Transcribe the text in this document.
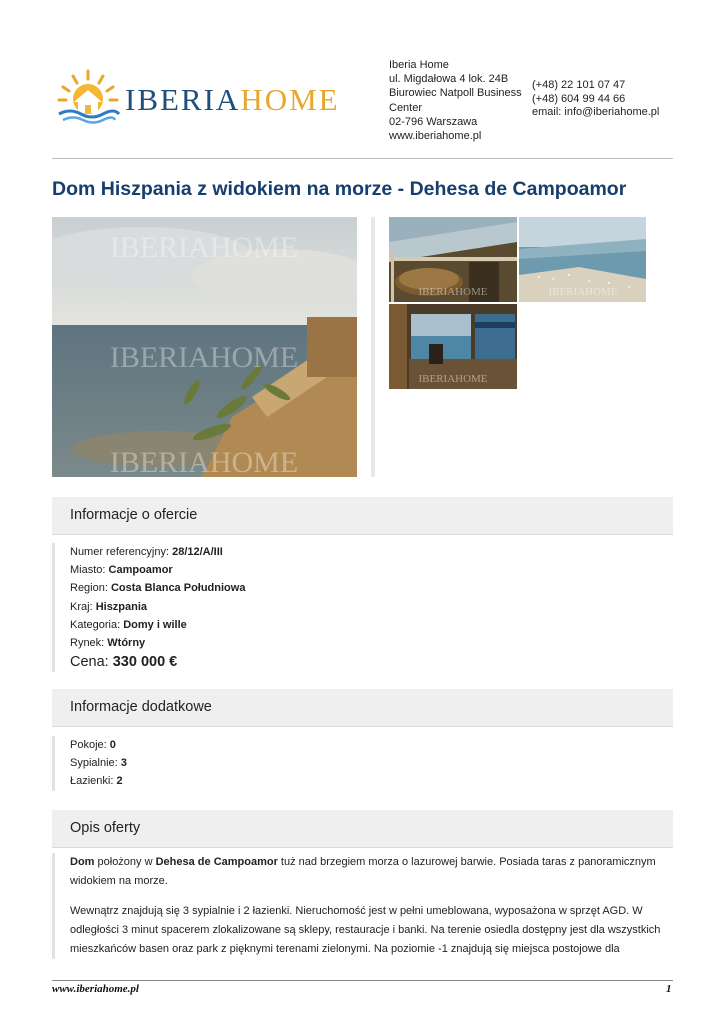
IBERIAHOME
Iberia Home
ul. Migdałowa 4 lok. 24B
Biurowiec Natpoll Business Center
02-796 Warszawa
www.iberiahome.pl
(+48) 22 101 07 47
(+48) 604 99 44 66
email: info@iberiahome.pl
Dom Hiszpania z widokiem na morze - Dehesa de Campoamor
IBERIAHOME
IBERIAHOME
IBERIAHOME
IBERIAHOME	IBERIAHOME
IBERIAHOME
Informacje o ofercie
Numer referencyjny: 28/12/A/III
Miasto: Campoamor
Region: Costa Blanca Południowa
Kraj: Hiszpania
Kategoria: Domy i wille
Rynek: Wtórny
Cena: 330 000 €
Informacje dodatkowe
Pokoje: 0
Sypialnie: 3
Łazienki: 2
Opis oferty
Dom położony w Dehesa de Campoamor tuż nad brzegiem morza o lazurowej barwie. Posiada taras z panoramicznym widokiem na morze.
Wewnątrz znajdują się 3 sypialnie i 2 łazienki. Nieruchomość jest w pełni umeblowana, wyposażona w sprzęt AGD. W odległości 3 minut spacerem zlokalizowane są sklepy, restauracje i banki. Na terenie osiedla dostępny jest dla wszystkich mieszkańców basen oraz park z pięknymi terenami zielonymi. Na poziomie -1 znajdują się miejsca postojowe dla
www.iberiahome.pl	1
